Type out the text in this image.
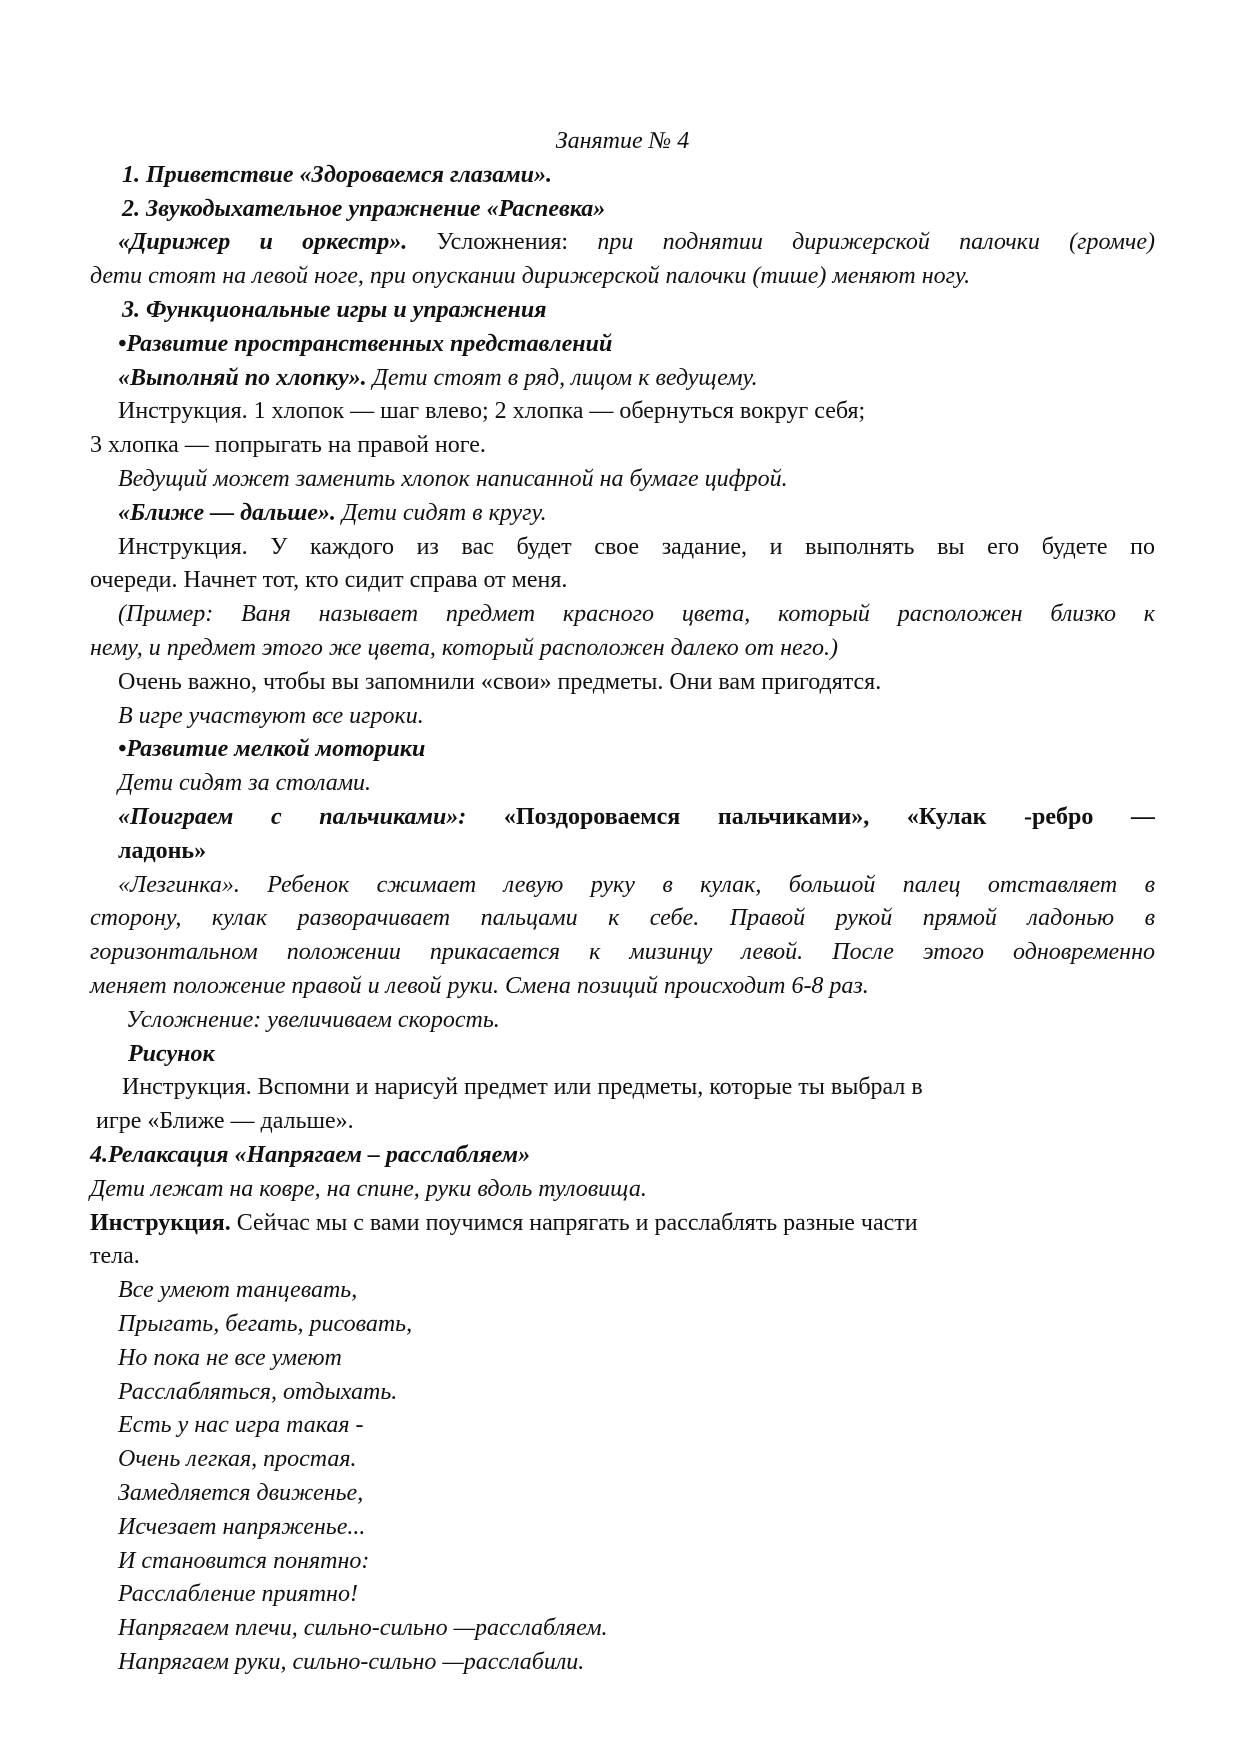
Занятие № 4
1. Приветствие «Здороваемся глазами».
2. Звукодыхательное упражнение «Распевка»
«Дирижер и оркестр». Усложнения: при поднятии дирижерской палочки (громче)
дети стоят на левой ноге, при опускании дирижерской палочки (тише) меняют ногу.
3. Функциональные игры и упражнения
•Развитие пространственных представлений
«Выполняй по хлопку». Дети стоят в ряд, лицом к ведущему.
Инструкция. 1 хлопок — шаг влево; 2 хлопка — обернуться вокруг себя;
3 хлопка — попрыгать на правой ноге.
Ведущий может заменить хлопок написанной на бумаге цифрой.
«Ближе — дальше». Дети сидят в кругу.
Инструкция. У каждого из вас будет свое задание, и выполнять вы его будете по
очереди. Начнет тот, кто сидит справа от меня.
(Пример: Ваня называет предмет красного цвета, который расположен близко к
нему, и предмет этого же цвета, который расположен далеко от него.)
Очень важно, чтобы вы запомнили «свои» предметы. Они вам пригодятся.
В игре участвуют все игроки.
•Развитие мелкой моторики
Дети сидят за столами.
«Поиграем с пальчиками»: «Поздороваемся пальчиками», «Кулак -ребро —
ладонь»
«Лезгинка». Ребенок сжимает левую руку в кулак, большой палец отставляет в
сторону, кулак разворачивает пальцами к себе. Правой рукой прямой ладонью в
горизонтальном положении прикасается к мизинцу левой. После этого одновременно
меняет положение правой и левой руки. Смена позиций происходит 6-8 раз.
Усложнение: увеличиваем скорость.
Рисунок
Инструкция. Вспомни и нарисуй предмет или предметы, которые ты выбрал в
игре «Ближе — дальше».
4.Релаксация «Напрягаем – расслабляем»
Дети лежат на ковре, на спине, руки вдоль туловища.
Инструкция. Сейчас мы с вами поучимся напрягать и расслаблять разные части
тела.
Все умеют танцевать,
Прыгать, бегать, рисовать,
Но пока не все умеют
Расслабляться, отдыхать.
Есть у нас игра такая -
Очень легкая, простая.
Замедляется движенье,
Исчезает напряженье...
И становится понятно:
Расслабление приятно!
Напрягаем плечи, сильно-сильно —расслабляем.
Напрягаем руки, сильно-сильно —расслабили.
